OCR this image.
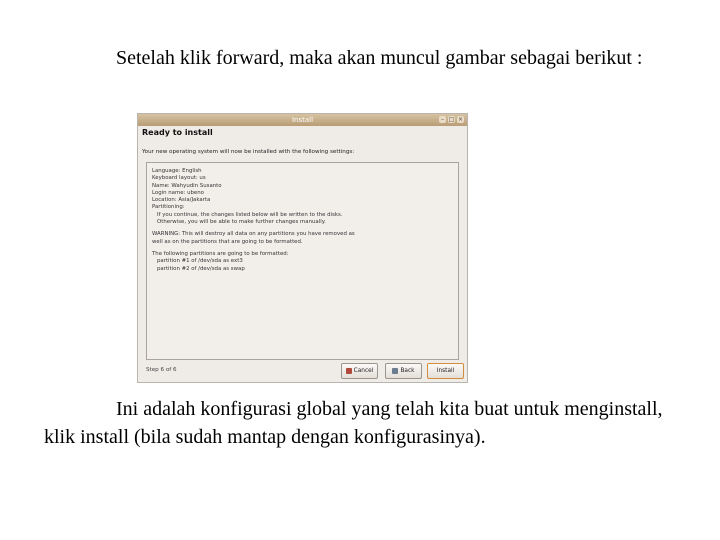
Setelah klik forward, maka akan muncul gambar sebagai berikut :

Install	– □ ×
Ready to install
Your new operating system will now be installed with the following settings:
Language: English
Keyboard layout: us
Name: Wahyudin Susanto
Login name: ubeno
Location: Asia/Jakarta
Partitioning:
If you continue, the changes listed below will be written to the disks.
Otherwise, you will be able to make further changes manually.
WARNING: This will destroy all data on any partitions you have removed as
well as on the partitions that are going to be formatted.
The following partitions are going to be formatted:
partition #1 of /dev/sda as ext3
partition #2 of /dev/sda as swap
Step 6 of 6	Cancel	Back	Install

Ini adalah konfigurasi global yang telah kita buat untuk menginstall, klik install (bila sudah mantap dengan konfigurasinya).
